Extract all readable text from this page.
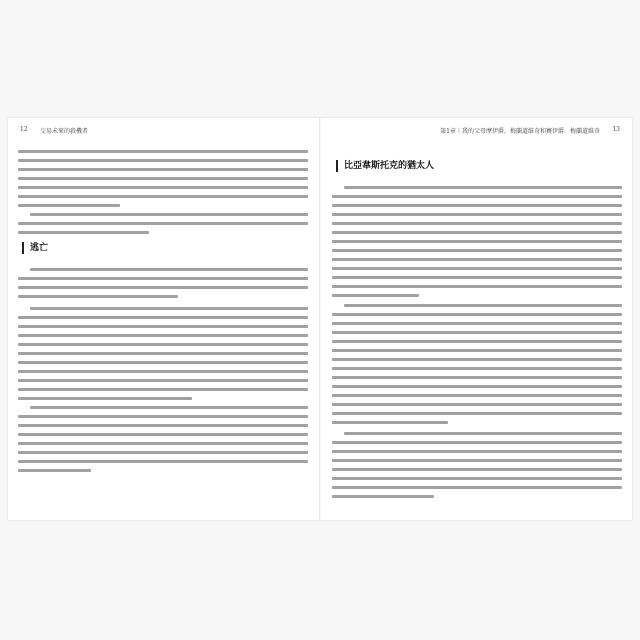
12 交易未來的殺機者
逃亡
第1章｜我的父母摩伊爵，梅蘭道維奇和賽伊爵．梅蘭道維奇 13
比亞韋斯托克的猶太人
